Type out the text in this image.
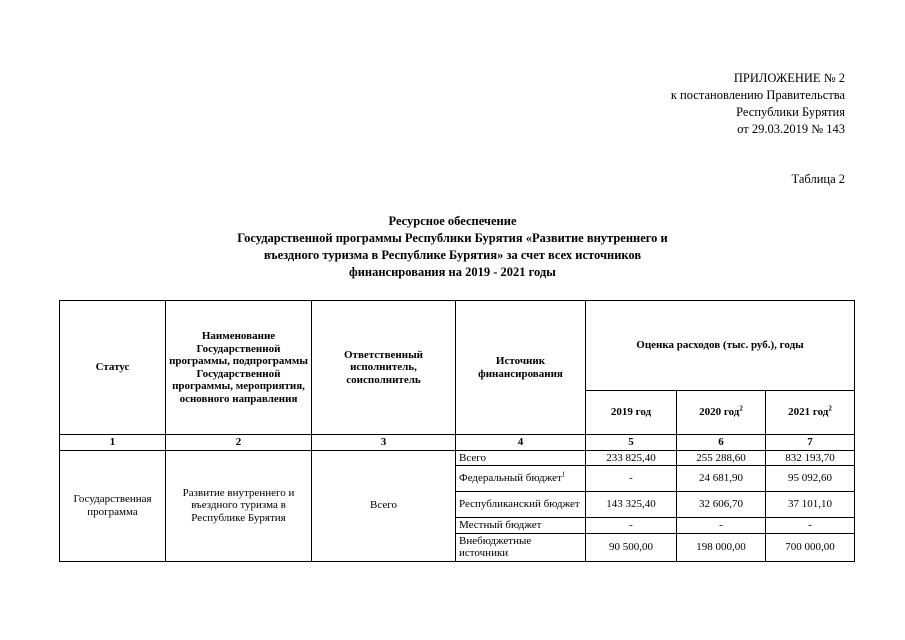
ПРИЛОЖЕНИЕ № 2
к постановлению Правительства
Республики Бурятия
от 29.03.2019 № 143
Таблица 2
Ресурсное обеспечение
Государственной программы Республики Бурятия «Развитие внутреннего и
въездного туризма в Республике Бурятия» за счет всех источников
финансирования на 2019 - 2021 годы
Статус	Наименование Государственной программы, подпрограммы Государственной программы, мероприятия, основного направления	Ответственный исполнитель, соисполнитель	Источник финансирования	Оценка расходов (тыс. руб.), годы		
				2019 год	2020 год$^2$	2021 год$^2$
1	2	3	4	5	6	7
Государственная программа	Развитие внутреннего и въездного туризма в Республике Бурятия	Всего	Всего	233 825,40	255 288,60	832 193,70
			Федеральный бюджет$^1$	-	24 681,90	95 092,60
			Республиканский бюджет	143 325,40	32 606,70	37 101,10
			Местный бюджет	-	-	-
			Внебюджетные источники	90 500,00	198 000,00	700 000,00
